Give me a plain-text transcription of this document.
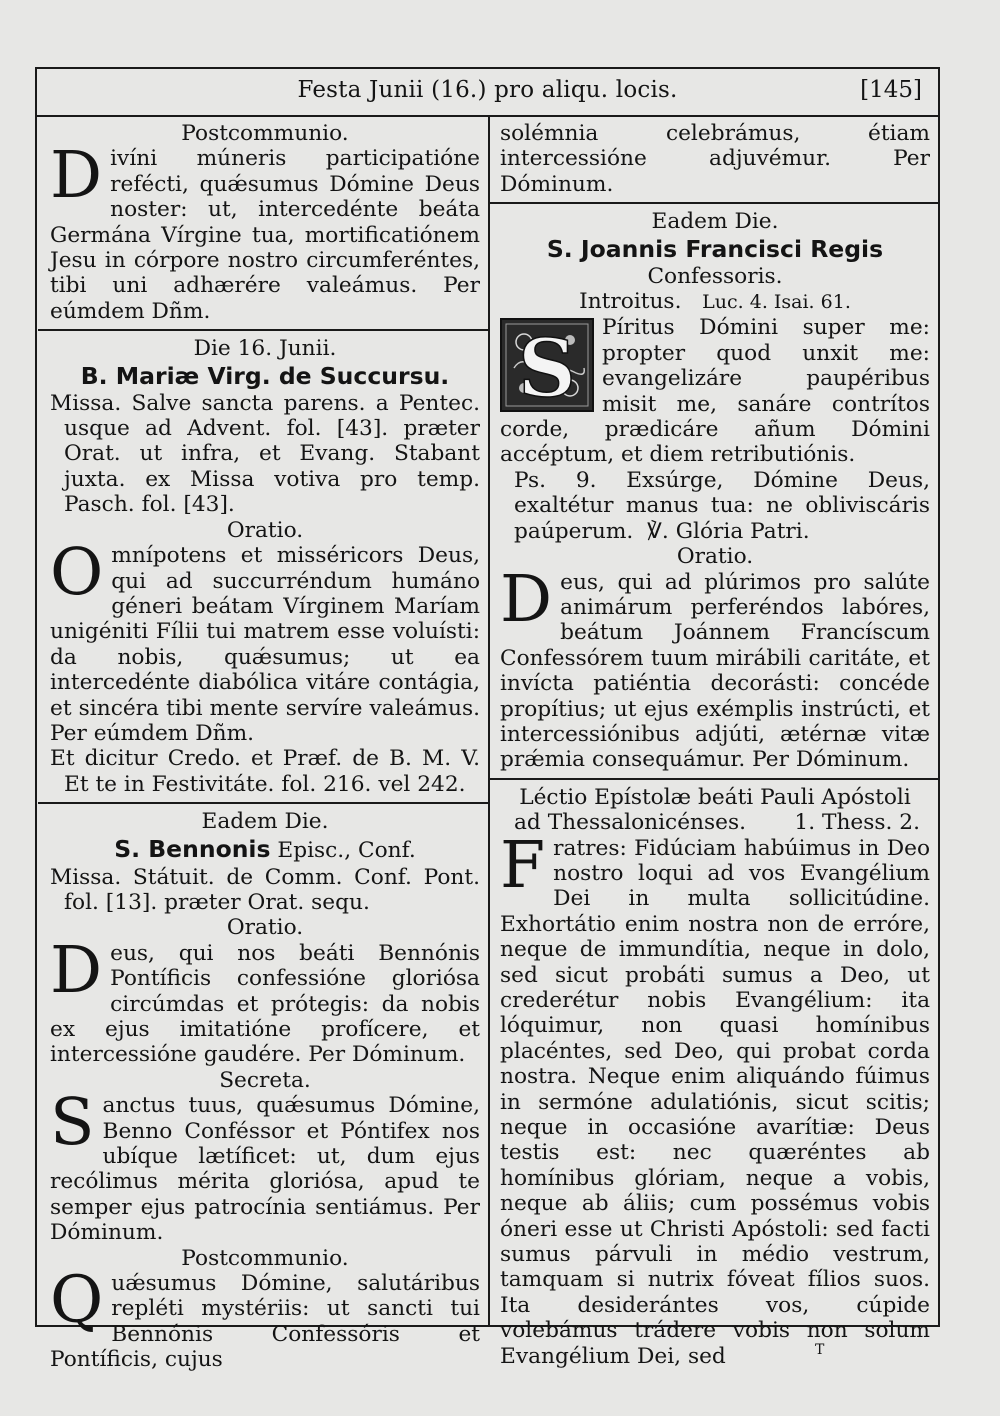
Festa Junii (16.) pro aliqu. locis.	[145]
Postcommunio.

Divíni múneris participatióne refécti, quǽsumus Dómine Deus noster: ut, intercedénte beáta Germána Vírgine tua, mortificatiónem Jesu in córpore nostro circumferéntes, tibi uni adhærére valeámus. Per eúmdem Dñm.

Die 16. Junii.
B. Mariæ Virg. de Succursu.

Missa. Salve sancta parens. a Pentec. usque ad Advent. fol. [43]. præter Orat. ut infra, et Evang. Stabant juxta. ex Missa votiva pro temp. Pasch. fol. [43].

Oratio.

Omnípotens et misséricors Deus, qui ad succurréndum humáno géneri beátam Vírginem Maríam unigéniti Fílii tui matrem esse voluísti: da nobis, quǽsumus; ut ea intercedénte diabólica vitáre contágia, et sincéra tibi mente servíre valeámus. Per eúmdem Dñm.

Et dicitur Credo. et Præf. de B. M. V. Et te in Festivitáte. fol. 216. vel 242.

Eadem Die.
S. Bennonis Episc., Conf.

Missa. Státuit. de Comm. Conf. Pont. fol. [13]. præter Orat. sequ.

Oratio.

Deus, qui nos beáti Bennónis Pontíficis confessióne gloriósa circúmdas et prótegis: da nobis ex ejus imitatióne profícere, et intercessióne gaudére. Per Dóminum.

Secreta.

Sanctus tuus, quǽsumus Dómine, Benno Conféssor et Póntifex nos ubíque lætíficet: ut, dum ejus recólimus mérita gloriósa, apud te semper ejus patrocínia sentiámus. Per Dóminum.

Postcommunio.

Quǽsumus Dómine, salutáribus repléti mystériis: ut sancti tui Bennónis Confessóris et Pontíficis, cujus

solémnia celebrámus, étiam intercessióne adjuvémur. Per Dóminum.

Eadem Die.
S. Joannis Francisci Regis
Confessoris.
Introitus. Luc. 4. Isai. 61.

S Píritus Dómini super me: propter quod unxit me: evangelizáre paupéribus misit me, sanáre contrítos corde, prædicáre añum Dómini accéptum, et diem retributiónis.

Ps. 9. Exsúrge, Dómine Deus, exaltétur manus tua: ne obliviscáris paúperum. ℣. Glória Patri.

Oratio.

Deus, qui ad plúrimos pro salúte animárum perferéndos labóres, beátum Joánnem Francíscum Confessórem tuum mirábili caritáte, et invícta patiéntia decorásti: concéde propítius; ut ejus exémplis instrúcti, et intercessiónibus adjúti, ætérnæ vitæ prǽmia consequámur. Per Dóminum.

Léctio Epístolæ beáti Pauli Apóstoli
ad Thessalonicénses. 1. Thess. 2.

Fratres: Fidúciam habúimus in Deo nostro loqui ad vos Evangélium Dei in multa sollicitúdine. Exhortátio enim nostra non de erróre, neque de immundítia, neque in dolo, sed sicut probáti sumus a Deo, ut crederétur nobis Evangélium: ita lóquimur, non quasi homínibus placéntes, sed Deo, qui probat corda nostra. Neque enim aliquándo fúimus in sermóne adulatiónis, sicut scitis; neque in occasióne avarítiæ: Deus testis est: nec quæréntes ab homínibus glóriam, neque a vobis, neque ab áliis; cum possémus vobis óneri esse ut Christi Apóstoli: sed facti sumus párvuli in médio vestrum, tamquam si nutrix fóveat fílios suos. Ita desiderántes vos, cúpide volebámus trádere vobis non solum Evangélium Dei, sed	T
